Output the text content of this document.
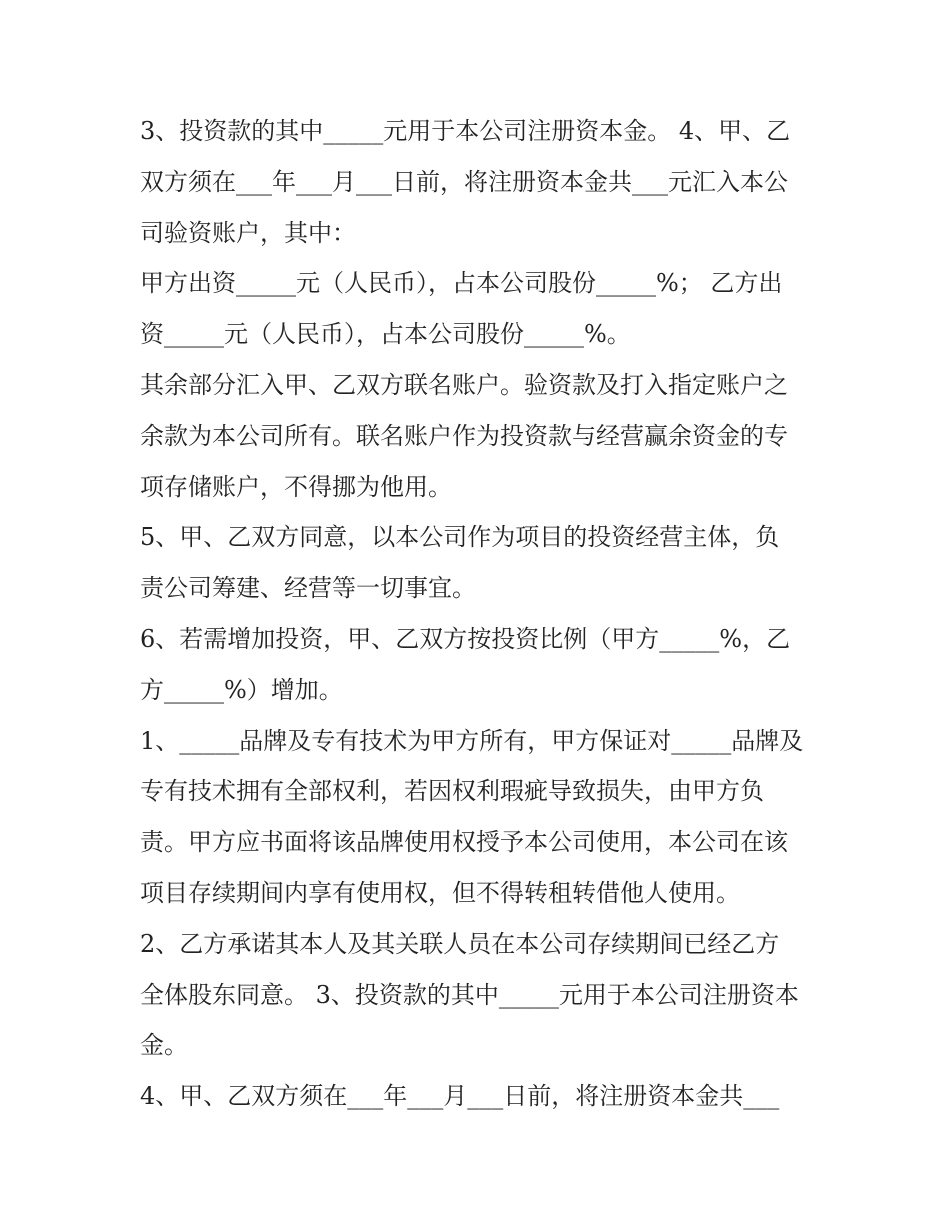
3、投资款的其中_____元用于本公司注册资本金。 4、甲、乙
双方须在___年___月___日前，将注册资本金共___元汇入本公
司验资账户，其中：
甲方出资_____元（人民币），占本公司股份_____%； 乙方出
资_____元（人民币），占本公司股份_____%。
其余部分汇入甲、乙双方联名账户。验资款及打入指定账户之
余款为本公司所有。联名账户作为投资款与经营赢余资金的专
项存储账户，不得挪为他用。
5、甲、乙双方同意，以本公司作为项目的投资经营主体，负
责公司筹建、经营等一切事宜。
6、若需增加投资，甲、乙双方按投资比例（甲方_____%，乙
方_____%）增加。
1、_____品牌及专有技术为甲方所有，甲方保证对_____品牌及
专有技术拥有全部权利，若因权利瑕疵导致损失，由甲方负
责。甲方应书面将该品牌使用权授予本公司使用，本公司在该
项目存续期间内享有使用权，但不得转租转借他人使用。
2、乙方承诺其本人及其关联人员在本公司存续期间已经乙方
全体股东同意。 3、投资款的其中_____元用于本公司注册资本
金。
4、甲、乙双方须在___年___月___日前，将注册资本金共___
